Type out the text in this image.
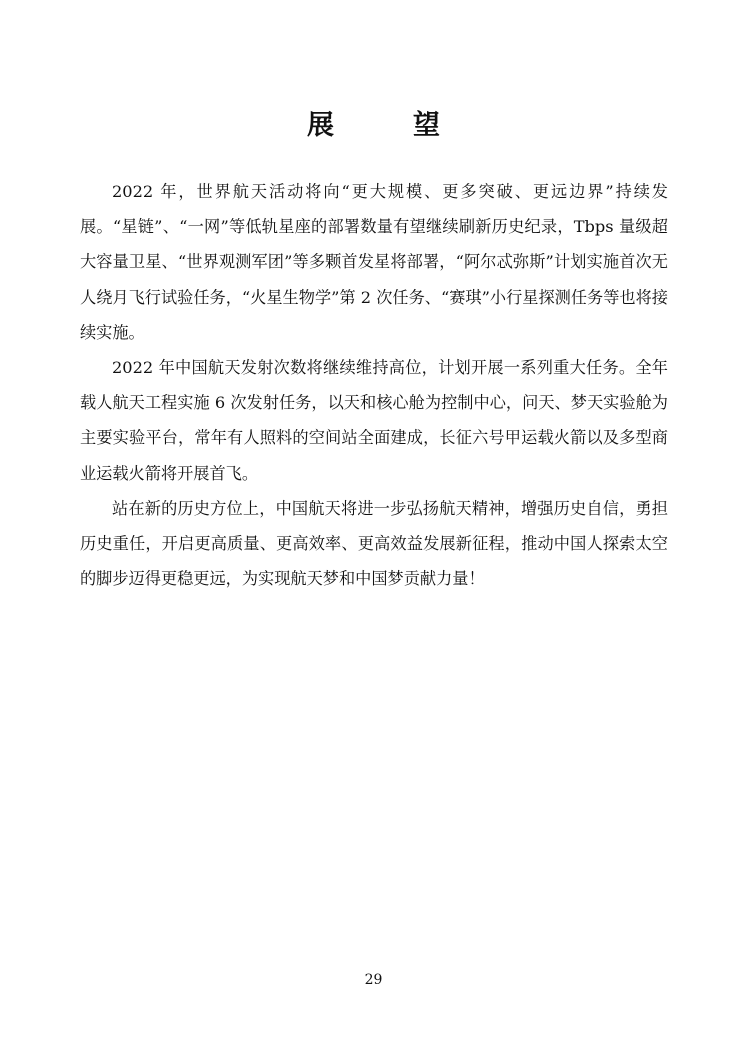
展　望

2022 年，世界航天活动将向“更大规模、更多突破、更远边界”持续发展。“星链”、“一网”等低轨星座的部署数量有望继续刷新历史纪录，Tbps 量级超大容量卫星、“世界观测军团”等多颗首发星将部署，“阿尔忒弥斯”计划实施首次无人绕月飞行试验任务，“火星生物学”第 2 次任务、“赛琪”小行星探测任务等也将接续实施。

2022 年中国航天发射次数将继续维持高位，计划开展一系列重大任务。全年载人航天工程实施 6 次发射任务，以天和核心舱为控制中心，问天、梦天实验舱为主要实验平台，常年有人照料的空间站全面建成，长征六号甲运载火箭以及多型商业运载火箭将开展首飞。

站在新的历史方位上，中国航天将进一步弘扬航天精神，增强历史自信，勇担历史重任，开启更高质量、更高效率、更高效益发展新征程，推动中国人探索太空的脚步迈得更稳更远，为实现航天梦和中国梦贡献力量！

29
